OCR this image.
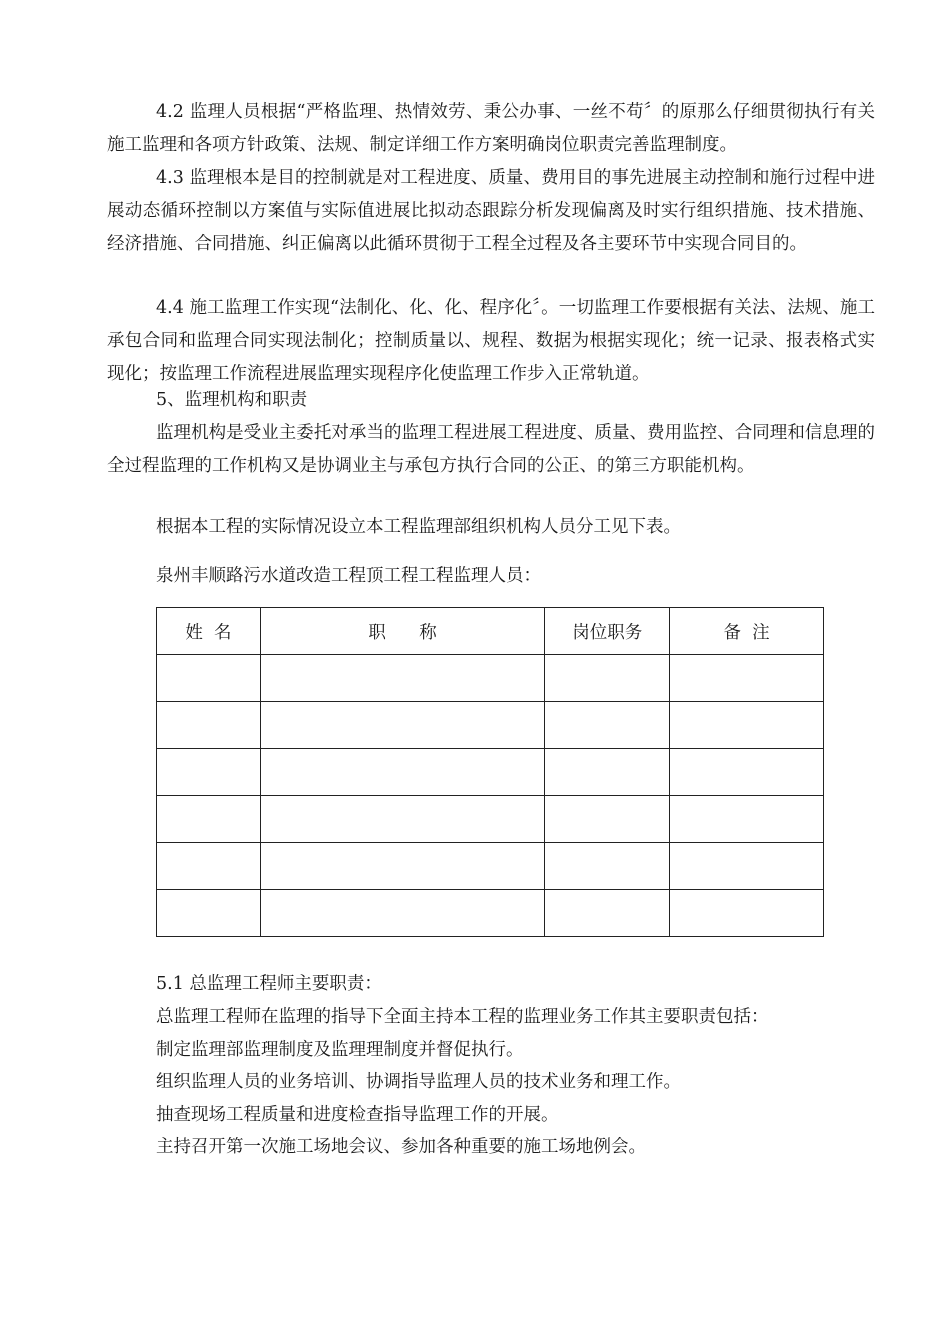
4.2 监理人员根据“严格监理、热情效劳、秉公办事、一丝不苟〞的原那么仔细贯彻执行有关施工监理和各项方针政策、法规、制定详细工作方案明确岗位职责完善监理制度。

4.3 监理根本是目的控制就是对工程进度、质量、费用目的事先进展主动控制和施行过程中进展动态循环控制以方案值与实际值进展比拟动态跟踪分析发现偏离及时实行组织措施、技术措施、经济措施、合同措施、纠正偏离以此循环贯彻于工程全过程及各主要环节中实现合同目的。

4.4 施工监理工作实现“法制化、化、化、程序化〞。一切监理工作要根据有关法、法规、施工承包合同和监理合同实现法制化；控制质量以、规程、数据为根据实现化；统一记录、报表格式实现化；按监理工作流程进展监理实现程序化使监理工作步入正常轨道。

5、监理机构和职责

监理机构是受业主委托对承当的监理工程进展工程进度、质量、费用监控、合同理和信息理的全过程监理的工作机构又是协调业主与承包方执行合同的公正、的第三方职能机构。

根据本工程的实际情况设立本工程监理部组织机构人员分工见下表。

泉州丰顺路污水道改造工程顶工程工程监理人员：

姓  名	职      称	岗位职务	备  注

5.1 总监理工程师主要职责：

总监理工程师在监理的指导下全面主持本工程的监理业务工作其主要职责包括：

制定监理部监理制度及监理理制度并督促执行。

组织监理人员的业务培训、协调指导监理人员的技术业务和理工作。

抽查现场工程质量和进度检查指导监理工作的开展。

主持召开第一次施工场地会议、参加各种重要的施工场地例会。
